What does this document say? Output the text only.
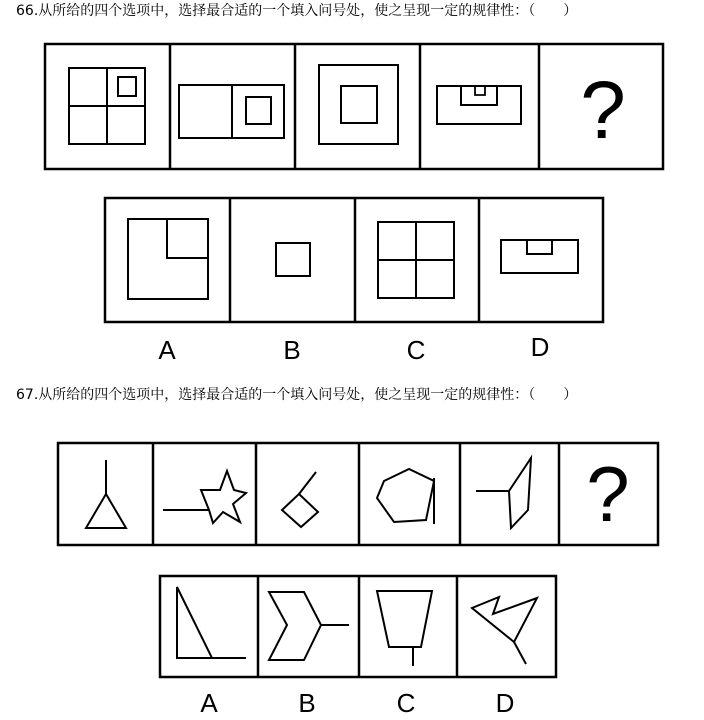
66.从所给的四个选项中，选择最合适的一个填入问号处，使之呈现一定的规律性：（　　）
67.从所给的四个选项中，选择最合适的一个填入问号处，使之呈现一定的规律性：（　　）
?
?
A	B	C	D
A	B	C	D
